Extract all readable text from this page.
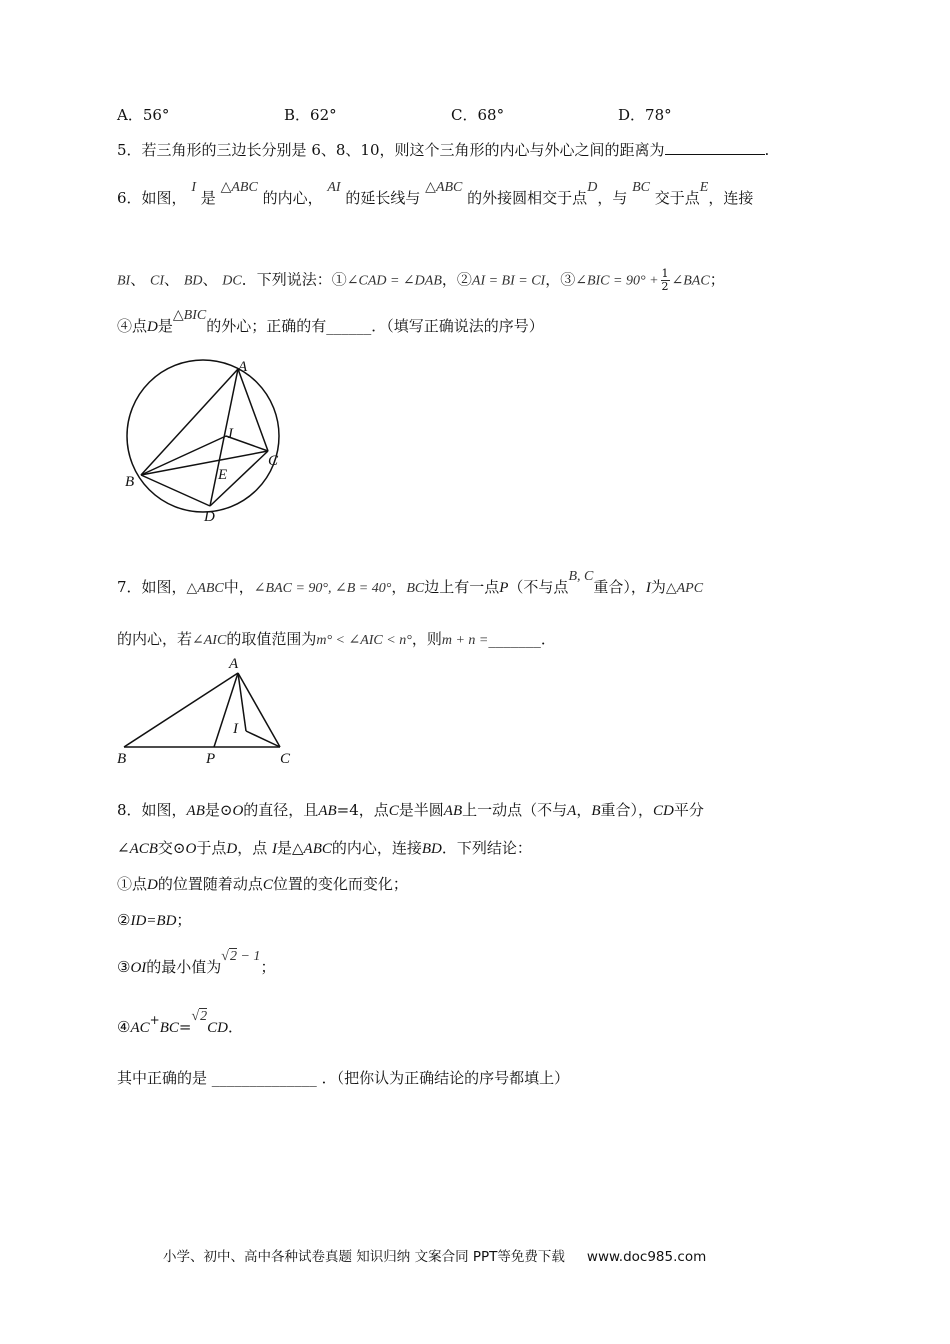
A．56°	B．62°	C．68°	D．78°
5．若三角形的三边长分别是 6、8、10，则这个三角形的内心与外心之间的距离为	.
6．如图， I 是 △ABC 的内心， AI 的延长线与 △ABC 的外接圆相交于点D，与 BC 交于点E，连接
BI、 CI、 BD、 DC．下列说法：①∠CAD = ∠DAB，②AI = BI = CI，③∠BIC = $90^\circ + \frac{1}{2}$ ∠BAC；
④点D是△BIC的外心；正确的有______．（填写正确说法的序号）
A
I
B
C
E
D
7．如图，△ABC中，∠BAC = 90°, ∠B = 40°，BC边上有一点P（不与点B, C重合），I为△APC
的内心，若∠AIC的取值范围为m° < ∠AIC < n°，则m + n =_______．
A
I
B	P	C
8．如图，AB是⊙O的直径，且AB=4，点C是半圆AB上一动点（不与A，B重合），CD平分
∠ACB交⊙O于点D，点 I是△ABC的内心，连接BD．下列结论：
①点D的位置随着动点C位置的变化而变化；
②ID=BD；
③OI的最小值为√2 − 1；
④AC+BC=√2CD．
其中正确的是 ______________ ．（把你认为正确结论的序号都填上）
小学、初中、高中各种试卷真题 知识归纳 文案合同 PPT等免费下载 www.doc985.com
